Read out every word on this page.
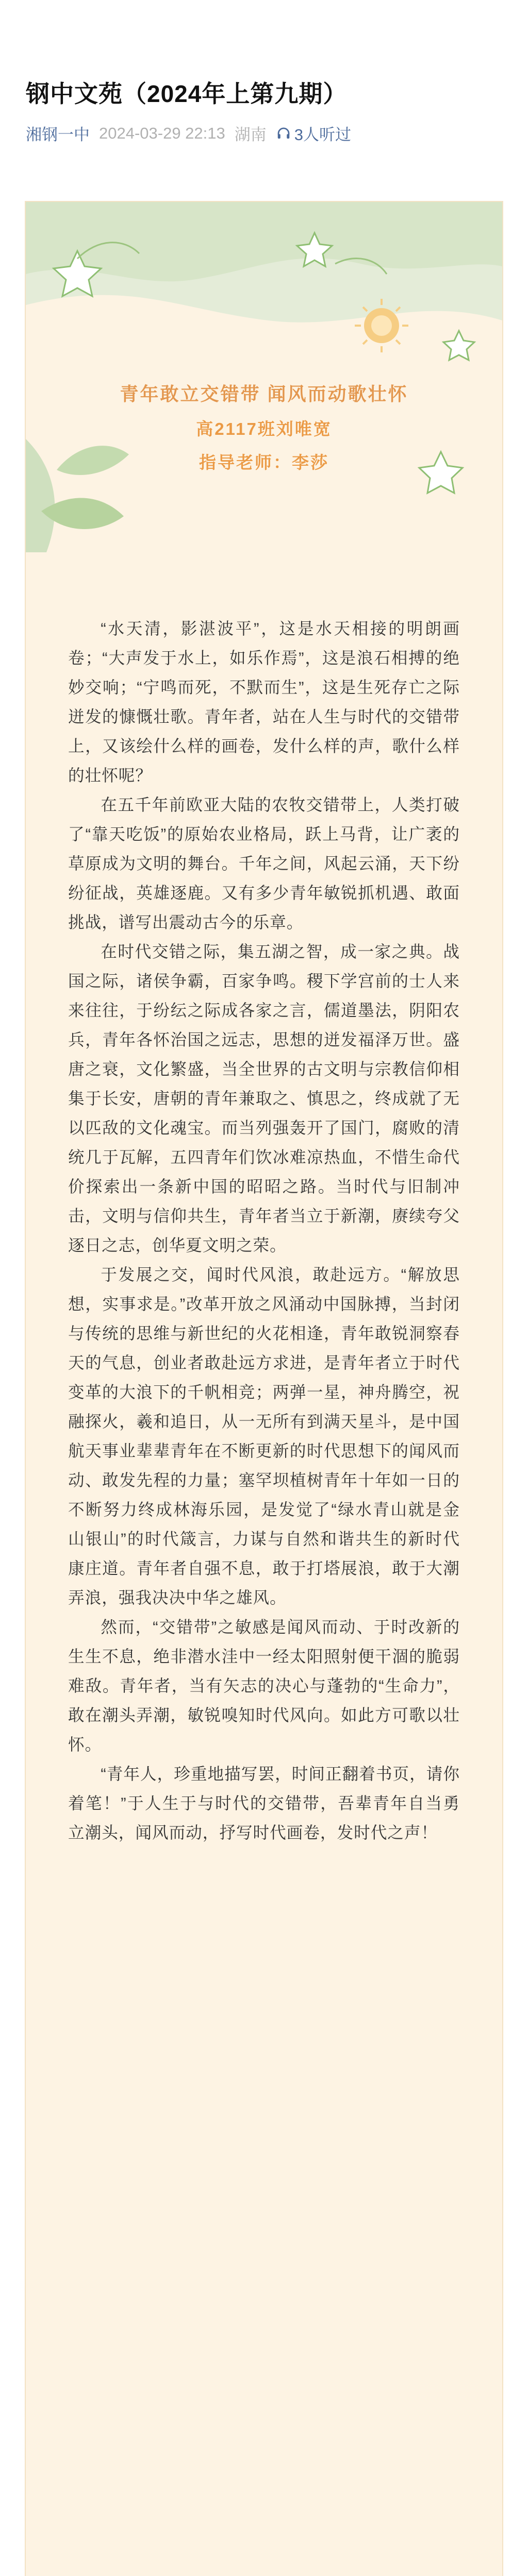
钢中文苑（2024年上第九期）
湘钢一中 2024-03-29 22:13 湖南 3人听过
青年敢立交错带 闻风而动歌壮怀
高2117班刘唯宽
指导老师：李莎

“水天清，影湛波平”，这是水天相接的明朗画卷；“大声发于水上，如乐作焉”，这是浪石相搏的绝妙交响；“宁鸣而死，不默而生”，这是生死存亡之际迸发的慷慨壮歌。青年者，站在人生与时代的交错带上，又该绘什么样的画卷，发什么样的声，歌什么样的壮怀呢？

在五千年前欧亚大陆的农牧交错带上，人类打破了“靠天吃饭”的原始农业格局，跃上马背，让广袤的草原成为文明的舞台。千年之间，风起云涌，天下纷纷征战，英雄逐鹿。又有多少青年敏锐抓机遇、敢面挑战，谱写出震动古今的乐章。

在时代交错之际，集五湖之智，成一家之典。战国之际，诸侯争霸，百家争鸣。稷下学宫前的士人来来往往，于纷纭之际成各家之言，儒道墨法，阴阳农兵，青年各怀治国之远志，思想的迸发福泽万世。盛唐之衰，文化繁盛，当全世界的古文明与宗教信仰相集于长安，唐朝的青年兼取之、慎思之，终成就了无以匹敌的文化魂宝。而当列强轰开了国门，腐败的清统几于瓦解，五四青年们饮冰难凉热血，不惜生命代价探索出一条新中国的昭昭之路。当时代与旧制冲击，文明与信仰共生，青年者当立于新潮，赓续夸父逐日之志，创华夏文明之荣。

于发展之交，闻时代风浪，敢赴远方。“解放思想，实事求是。”改革开放之风涌动中国脉搏，当封闭与传统的思维与新世纪的火花相逢，青年敢锐洞察春天的气息，创业者敢赴远方求进，是青年者立于时代变革的大浪下的千帆相竞；两弹一星，神舟腾空，祝融探火，羲和追日，从一无所有到满天星斗，是中国航天事业辈辈青年在不断更新的时代思想下的闻风而动、敢发先程的力量；塞罕坝植树青年十年如一日的不断努力终成林海乐园，是发觉了“绿水青山就是金山银山”的时代箴言，力谋与自然和谐共生的新时代康庄道。青年者自强不息，敢于打塔展浪，敢于大潮弄浪，强我决决中华之雄风。

然而，“交错带”之敏感是闻风而动、于时改新的生生不息，绝非潜水洼中一经太阳照射便干涸的脆弱难敌。青年者，当有矢志的决心与蓬勃的“生命力”，敢在潮头弄潮，敏锐嗅知时代风向。如此方可歌以壮怀。

“青年人，珍重地描写罢，时间正翻着书页，请你着笔！”于人生于与时代的交错带，吾辈青年自当勇立潮头，闻风而动，抒写时代画卷，发时代之声！
